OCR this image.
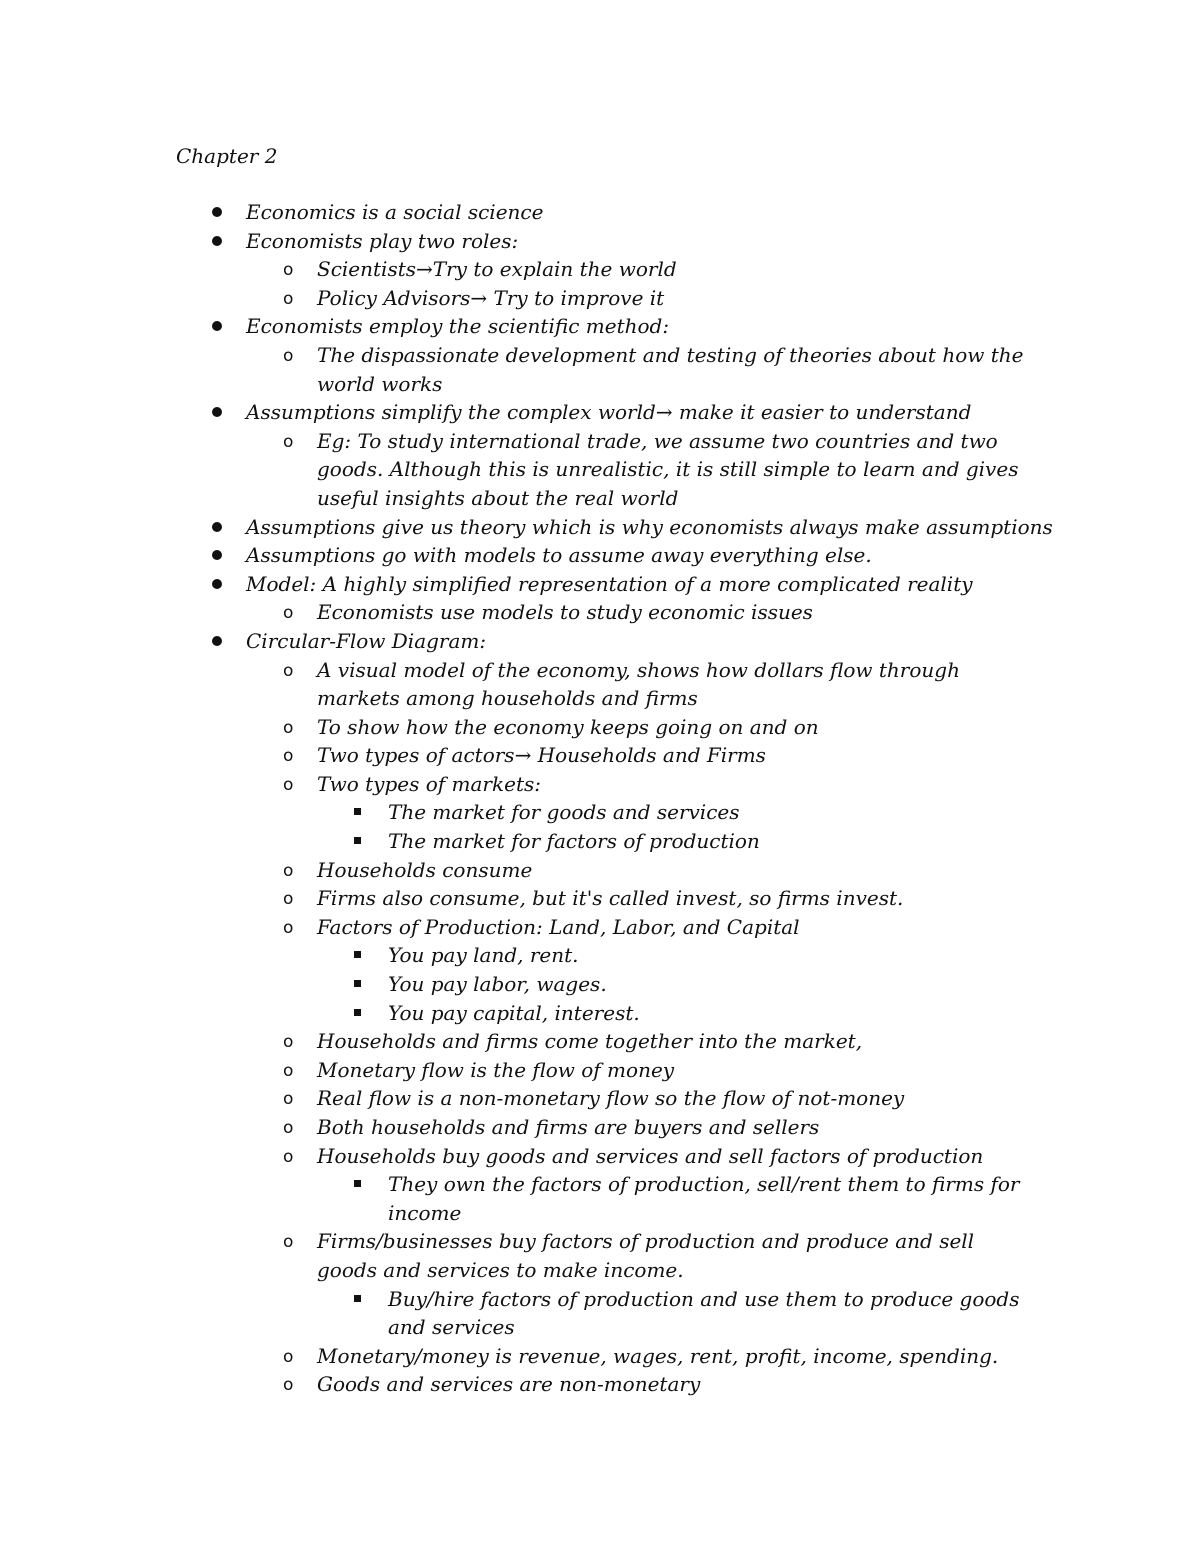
Chapter 2
Economics is a social science
Economists play two roles:
o Scientists→Try to explain the world
o Policy Advisors→ Try to improve it
Economists employ the scientific method:
o The dispassionate development and testing of theories about how the world works
Assumptions simplify the complex world→ make it easier to understand
o Eg: To study international trade, we assume two countries and two goods. Although this is unrealistic, it is still simple to learn and gives useful insights about the real world
Assumptions give us theory which is why economists always make assumptions
Assumptions go with models to assume away everything else.
Model: A highly simplified representation of a more complicated reality
o Economists use models to study economic issues
Circular-Flow Diagram:
o A visual model of the economy, shows how dollars flow through markets among households and firms
o To show how the economy keeps going on and on
o Two types of actors→ Households and Firms
o Two types of markets:
The market for goods and services
The market for factors of production
o Households consume
o Firms also consume, but it's called invest, so firms invest.
o Factors of Production: Land, Labor, and Capital
You pay land, rent.
You pay labor, wages.
You pay capital, interest.
o Households and firms come together into the market,
o Monetary flow is the flow of money
o Real flow is a non-monetary flow so the flow of not-money
o Both households and firms are buyers and sellers
o Households buy goods and services and sell factors of production
They own the factors of production, sell/rent them to firms for income
o Firms/businesses buy factors of production and produce and sell goods and services to make income.
Buy/hire factors of production and use them to produce goods and services
o Monetary/money is revenue, wages, rent, profit, income, spending.
o Goods and services are non-monetary
